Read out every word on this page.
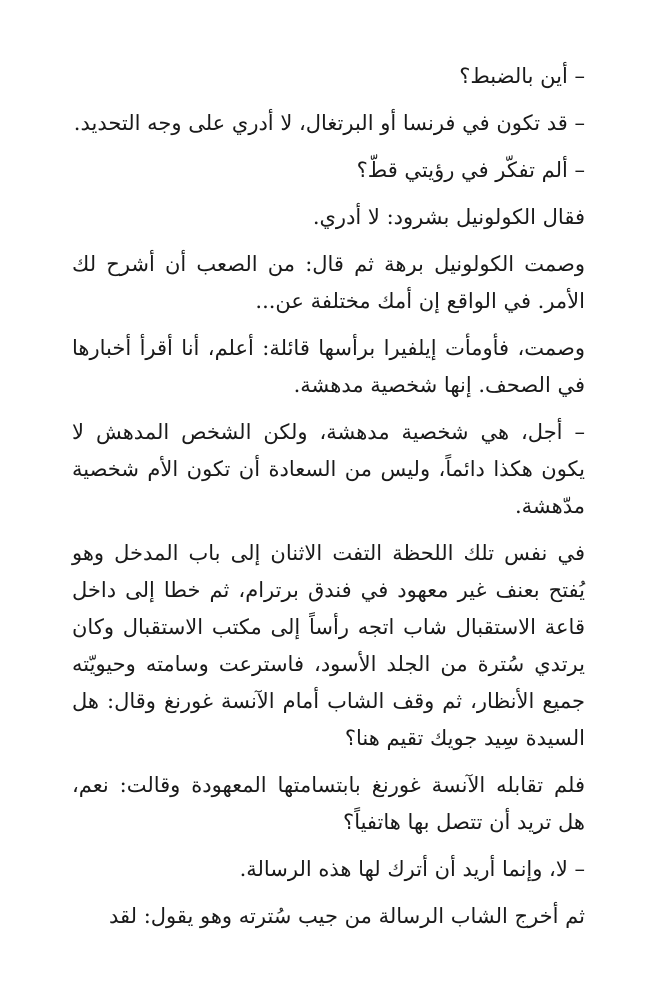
– أين بالضبط؟

– قد تكون في فرنسا أو البرتغال، لا أدري على وجه التحديد.

– ألم تفكّر في رؤيتي قطّ؟

فقال الكولونيل بشرود: لا أدري.

وصمت الكولونيل برهة ثم قال: من الصعب أن أشرح لك الأمر. في الواقع إن أمك مختلفة عن...

وصمت، فأومأت إيلفيرا برأسها قائلة: أعلم، أنا أقرأ أخبارها في الصحف. إنها شخصية مدهشة.

– أجل، هي شخصية مدهشة، ولكن الشخص المدهش لا يكون هكذا دائماً، وليس من السعادة أن تكون الأم شخصية مدّهشة.

في نفس تلك اللحظة التفت الاثنان إلى باب المدخل وهو يُفتح بعنف غير معهود في فندق برترام، ثم خطا إلى داخل قاعة الاستقبال شاب اتجه رأساً إلى مكتب الاستقبال وكان يرتدي سُترة من الجلد الأسود، فاسترعت وسامته وحيويّته جميع الأنظار، ثم وقف الشاب أمام الآنسة غورنغ وقال: هل السيدة سِيد جويك تقيم هنا؟

فلم تقابله الآنسة غورنغ بابتسامتها المعهودة وقالت: نعم، هل تريد أن تتصل بها هاتفياً؟

– لا، وإنما أريد أن أترك لها هذه الرسالة.

ثم أخرج الشاب الرسالة من جيب سُترته وهو يقول: لقد
